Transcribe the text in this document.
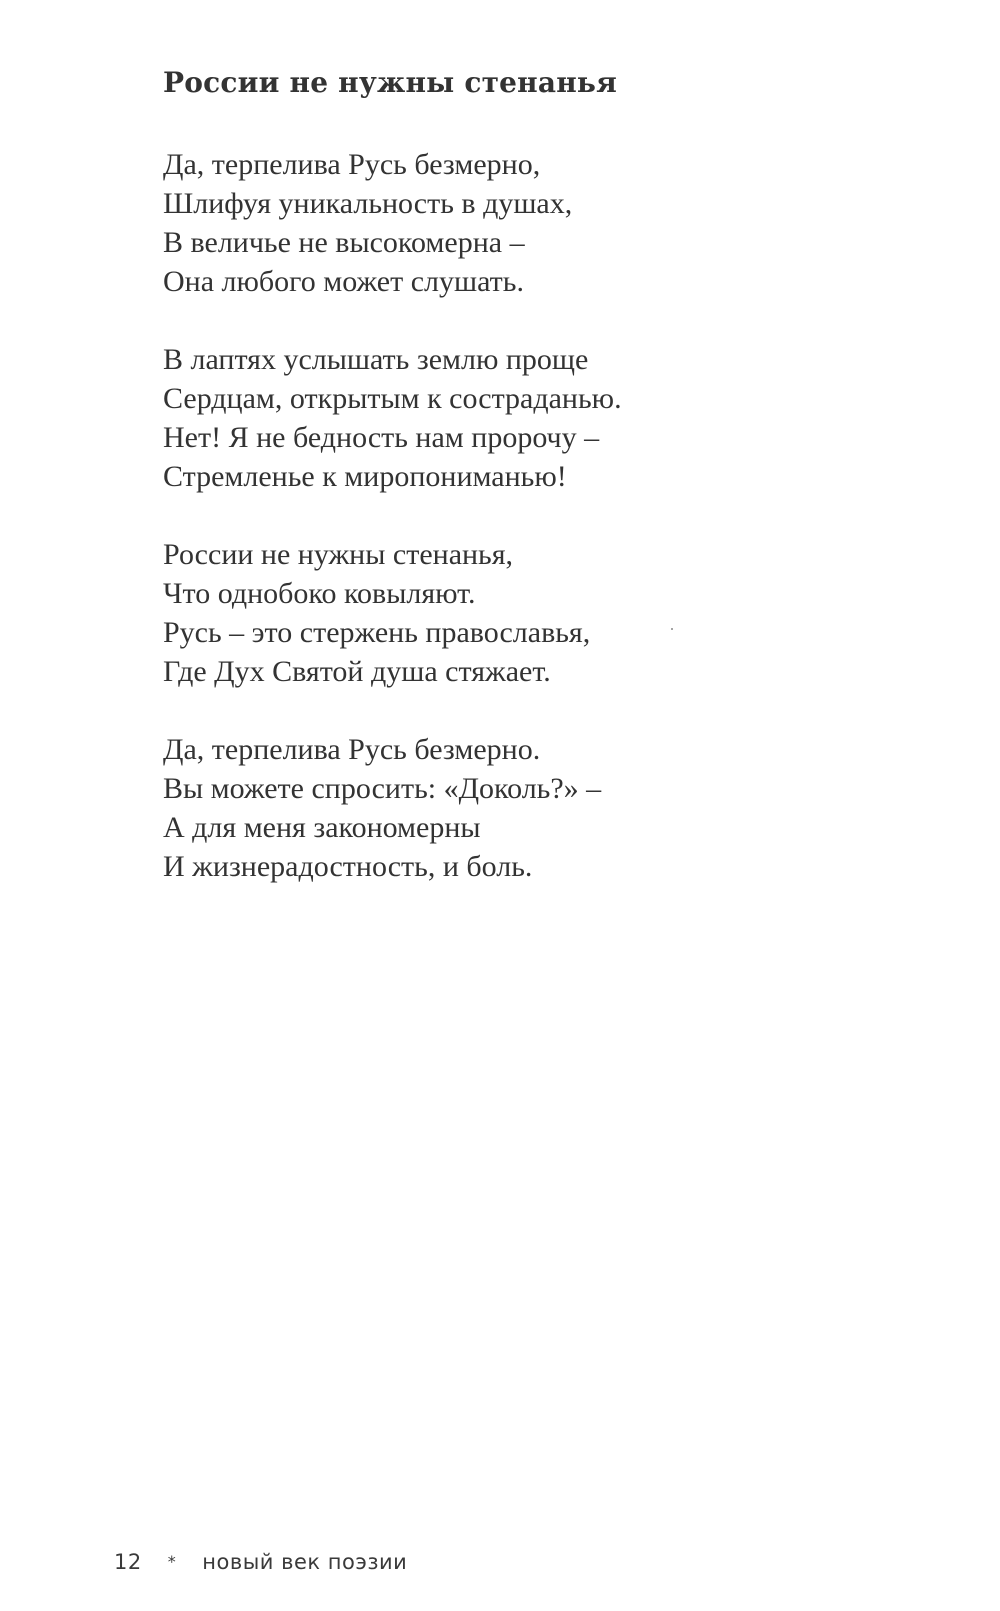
России не нужны стенанья
Да, терпелива Русь безмерно,
Шлифуя уникальность в душах,
В величье не высокомерна –
Она любого может слушать.
В лаптях услышать землю проще
Сердцам, открытым к состраданью.
Нет! Я не бедность нам пророчу –
Стремленье к миропониманью!
России не нужны стенанья,
Что однобоко ковыляют.
Русь – это стержень православья,
Где Дух Святой душа стяжает.
Да, терпелива Русь безмерно.
Вы можете спросить: «Доколь?» –
А для меня закономерны
И жизнерадостность, и боль.
12 * новый век поэзии
